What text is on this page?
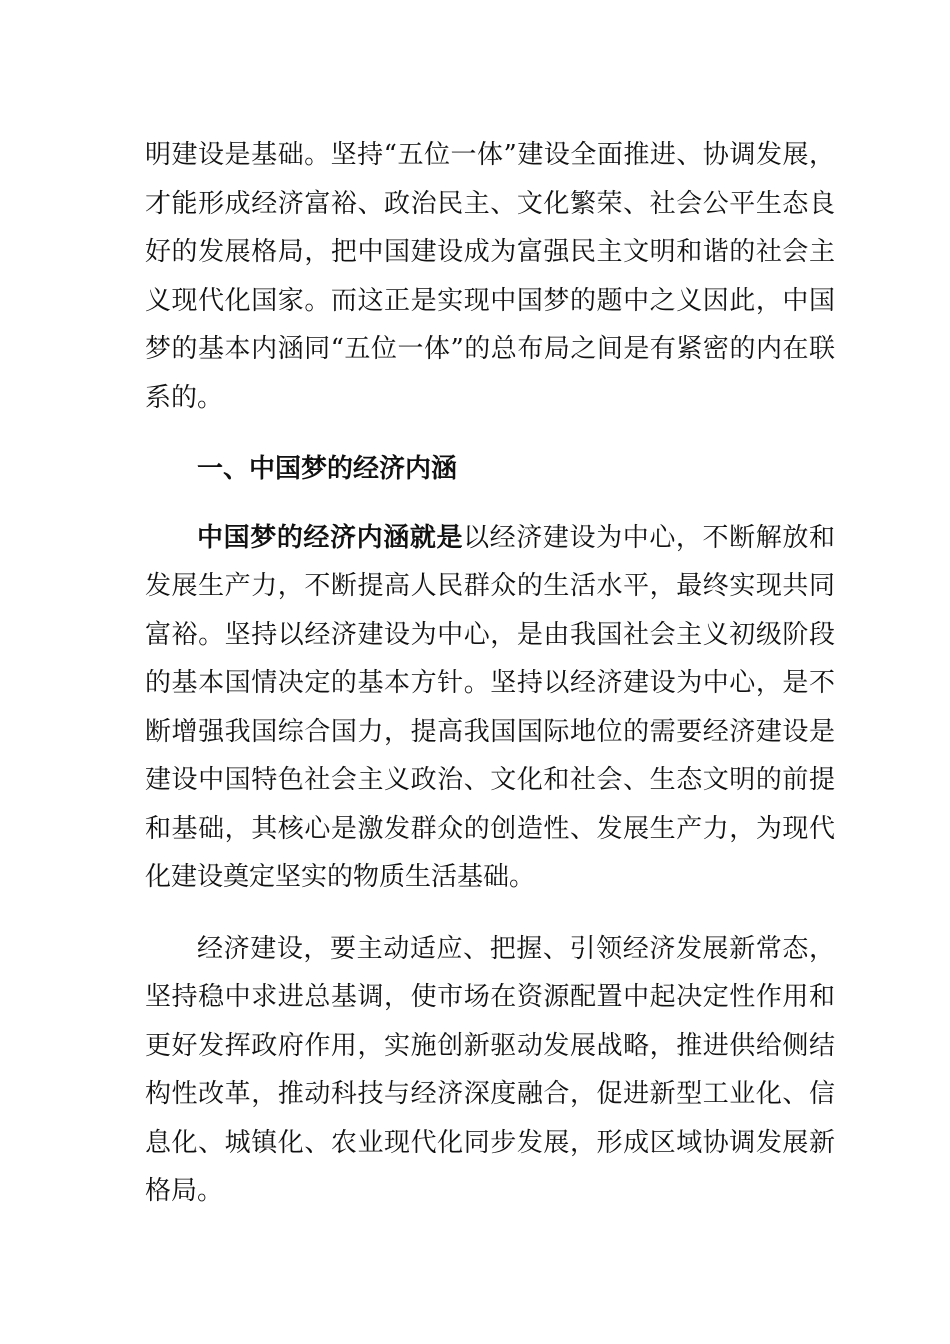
明建设是基础。坚持“五位一体”建设全面推进、协调发展，才能形成经济富裕、政治民主、文化繁荣、社会公平生态良好的发展格局，把中国建设成为富强民主文明和谐的社会主义现代化国家。而这正是实现中国梦的题中之义因此，中国梦的基本内涵同“五位一体”的总布局之间是有紧密的内在联系的。

一、中国梦的经济内涵

中国梦的经济内涵就是以经济建设为中心，不断解放和发展生产力，不断提高人民群众的生活水平，最终实现共同富裕。坚持以经济建设为中心，是由我国社会主义初级阶段的基本国情决定的基本方针。坚持以经济建设为中心，是不断增强我国综合国力，提高我国国际地位的需要经济建设是建设中国特色社会主义政治、文化和社会、生态文明的前提和基础，其核心是激发群众的创造性、发展生产力，为现代化建设奠定坚实的物质生活基础。

经济建设，要主动适应、把握、引领经济发展新常态，坚持稳中求进总基调，使市场在资源配置中起决定性作用和更好发挥政府作用，实施创新驱动发展战略，推进供给侧结构性改革，推动科技与经济深度融合，促进新型工业化、信息化、城镇化、农业现代化同步发展，形成区域协调发展新格局。
